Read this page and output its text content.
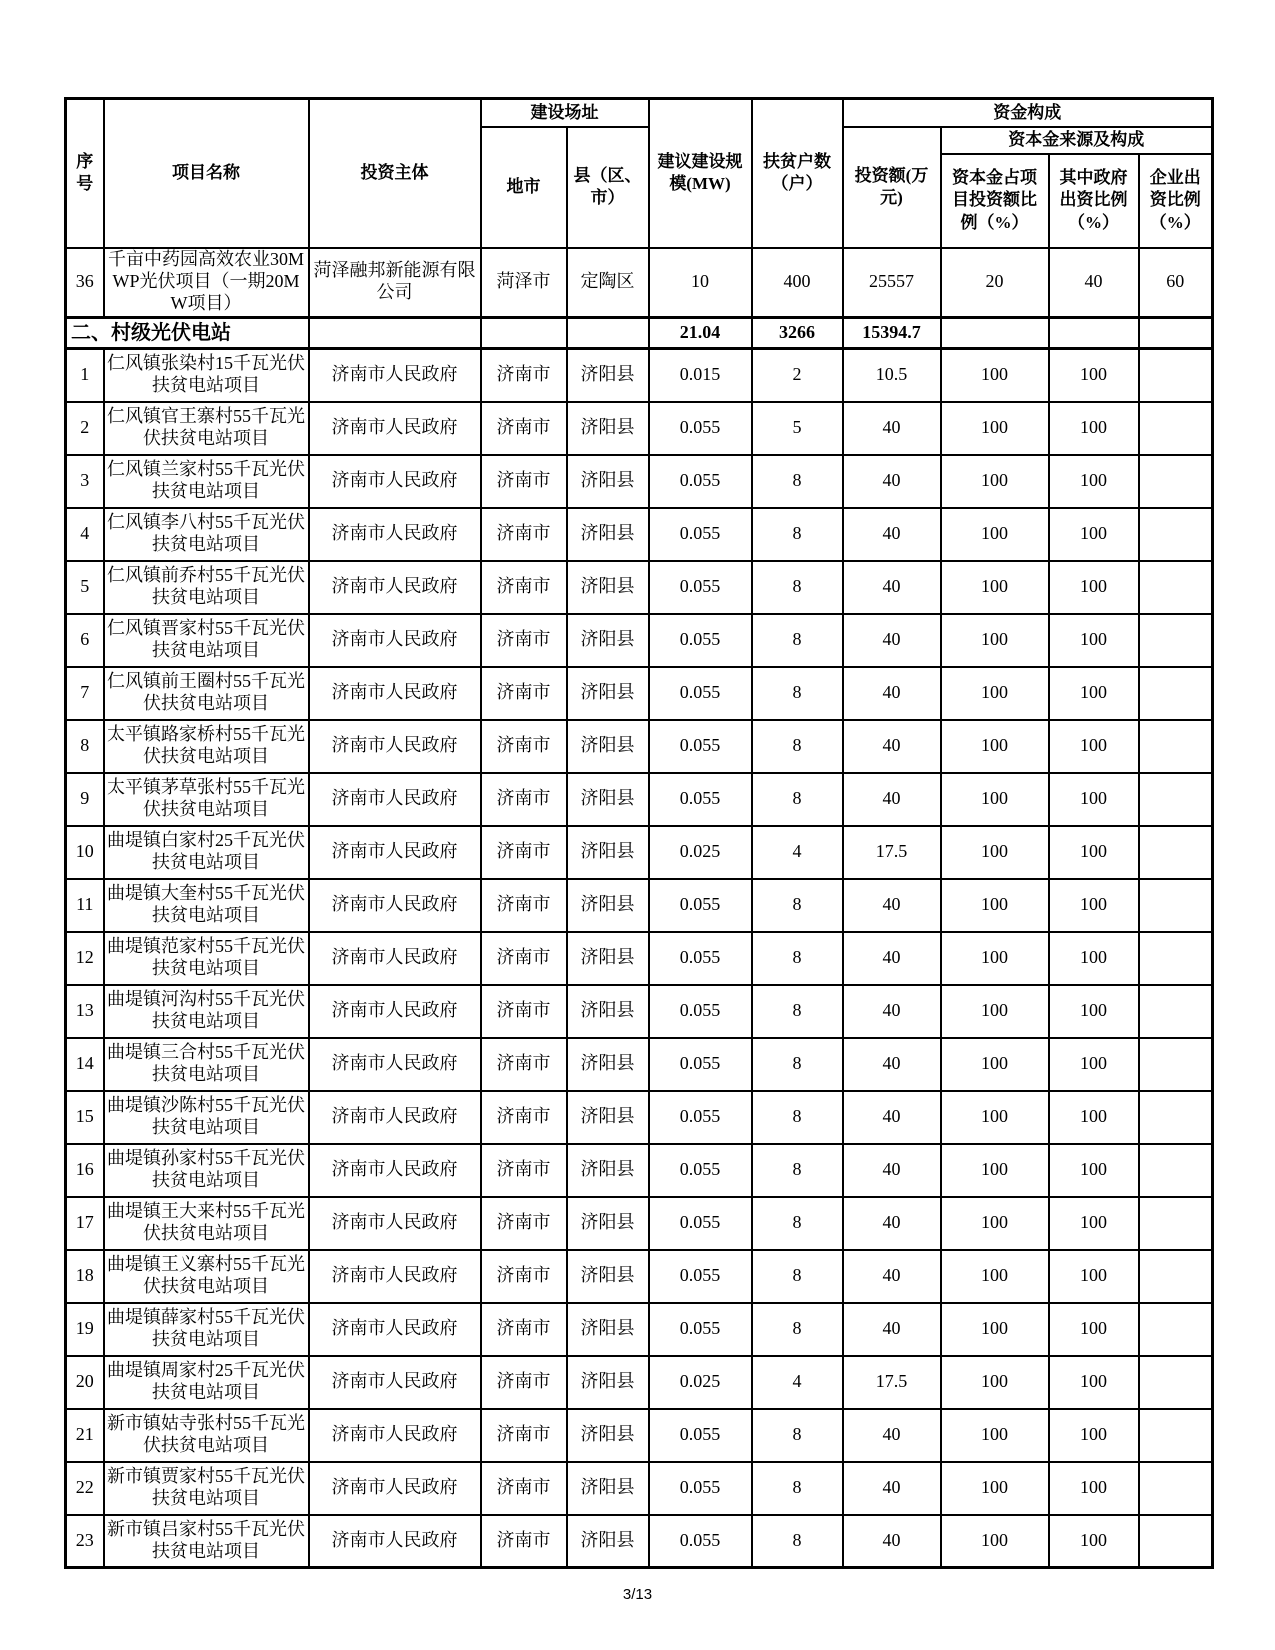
序号	项目名称	投资主体	建设场址		建议建设规模(MW)	扶贫户数（户）	资金构成			
			地市	县（区、市）			投资额(万元)	资本金来源及构成		
								资本金占项目投资额比例（%）	其中政府出资比例（%）	企业出资比例（%）
36	千亩中药园高效农业30MWP光伏项目（一期20MW项目）	菏泽融邦新能源有限公司	菏泽市	定陶区	10	400	25557	20	40	60
二、村级光伏电站					21.04	3266	15394.7			
1	仁风镇张染村15千瓦光伏扶贫电站项目	济南市人民政府	济南市	济阳县	0.015	2	10.5	100	100	
2	仁风镇官王寨村55千瓦光伏扶贫电站项目	济南市人民政府	济南市	济阳县	0.055	5	40	100	100	
3	仁风镇兰家村55千瓦光伏扶贫电站项目	济南市人民政府	济南市	济阳县	0.055	8	40	100	100	
4	仁风镇李八村55千瓦光伏扶贫电站项目	济南市人民政府	济南市	济阳县	0.055	8	40	100	100	
5	仁风镇前乔村55千瓦光伏扶贫电站项目	济南市人民政府	济南市	济阳县	0.055	8	40	100	100	
6	仁风镇晋家村55千瓦光伏扶贫电站项目	济南市人民政府	济南市	济阳县	0.055	8	40	100	100	
7	仁风镇前王圈村55千瓦光伏扶贫电站项目	济南市人民政府	济南市	济阳县	0.055	8	40	100	100	
8	太平镇路家桥村55千瓦光伏扶贫电站项目	济南市人民政府	济南市	济阳县	0.055	8	40	100	100	
9	太平镇茅草张村55千瓦光伏扶贫电站项目	济南市人民政府	济南市	济阳县	0.055	8	40	100	100	
10	曲堤镇白家村25千瓦光伏扶贫电站项目	济南市人民政府	济南市	济阳县	0.025	4	17.5	100	100	
11	曲堤镇大奎村55千瓦光伏扶贫电站项目	济南市人民政府	济南市	济阳县	0.055	8	40	100	100	
12	曲堤镇范家村55千瓦光伏扶贫电站项目	济南市人民政府	济南市	济阳县	0.055	8	40	100	100	
13	曲堤镇河沟村55千瓦光伏扶贫电站项目	济南市人民政府	济南市	济阳县	0.055	8	40	100	100	
14	曲堤镇三合村55千瓦光伏扶贫电站项目	济南市人民政府	济南市	济阳县	0.055	8	40	100	100	
15	曲堤镇沙陈村55千瓦光伏扶贫电站项目	济南市人民政府	济南市	济阳县	0.055	8	40	100	100	
16	曲堤镇孙家村55千瓦光伏扶贫电站项目	济南市人民政府	济南市	济阳县	0.055	8	40	100	100	
17	曲堤镇王大来村55千瓦光伏扶贫电站项目	济南市人民政府	济南市	济阳县	0.055	8	40	100	100	
18	曲堤镇王义寨村55千瓦光伏扶贫电站项目	济南市人民政府	济南市	济阳县	0.055	8	40	100	100	
19	曲堤镇薛家村55千瓦光伏扶贫电站项目	济南市人民政府	济南市	济阳县	0.055	8	40	100	100	
20	曲堤镇周家村25千瓦光伏扶贫电站项目	济南市人民政府	济南市	济阳县	0.025	4	17.5	100	100	
21	新市镇姑寺张村55千瓦光伏扶贫电站项目	济南市人民政府	济南市	济阳县	0.055	8	40	100	100	
22	新市镇贾家村55千瓦光伏扶贫电站项目	济南市人民政府	济南市	济阳县	0.055	8	40	100	100	
23	新市镇吕家村55千瓦光伏扶贫电站项目	济南市人民政府	济南市	济阳县	0.055	8	40	100	100	
3/13
